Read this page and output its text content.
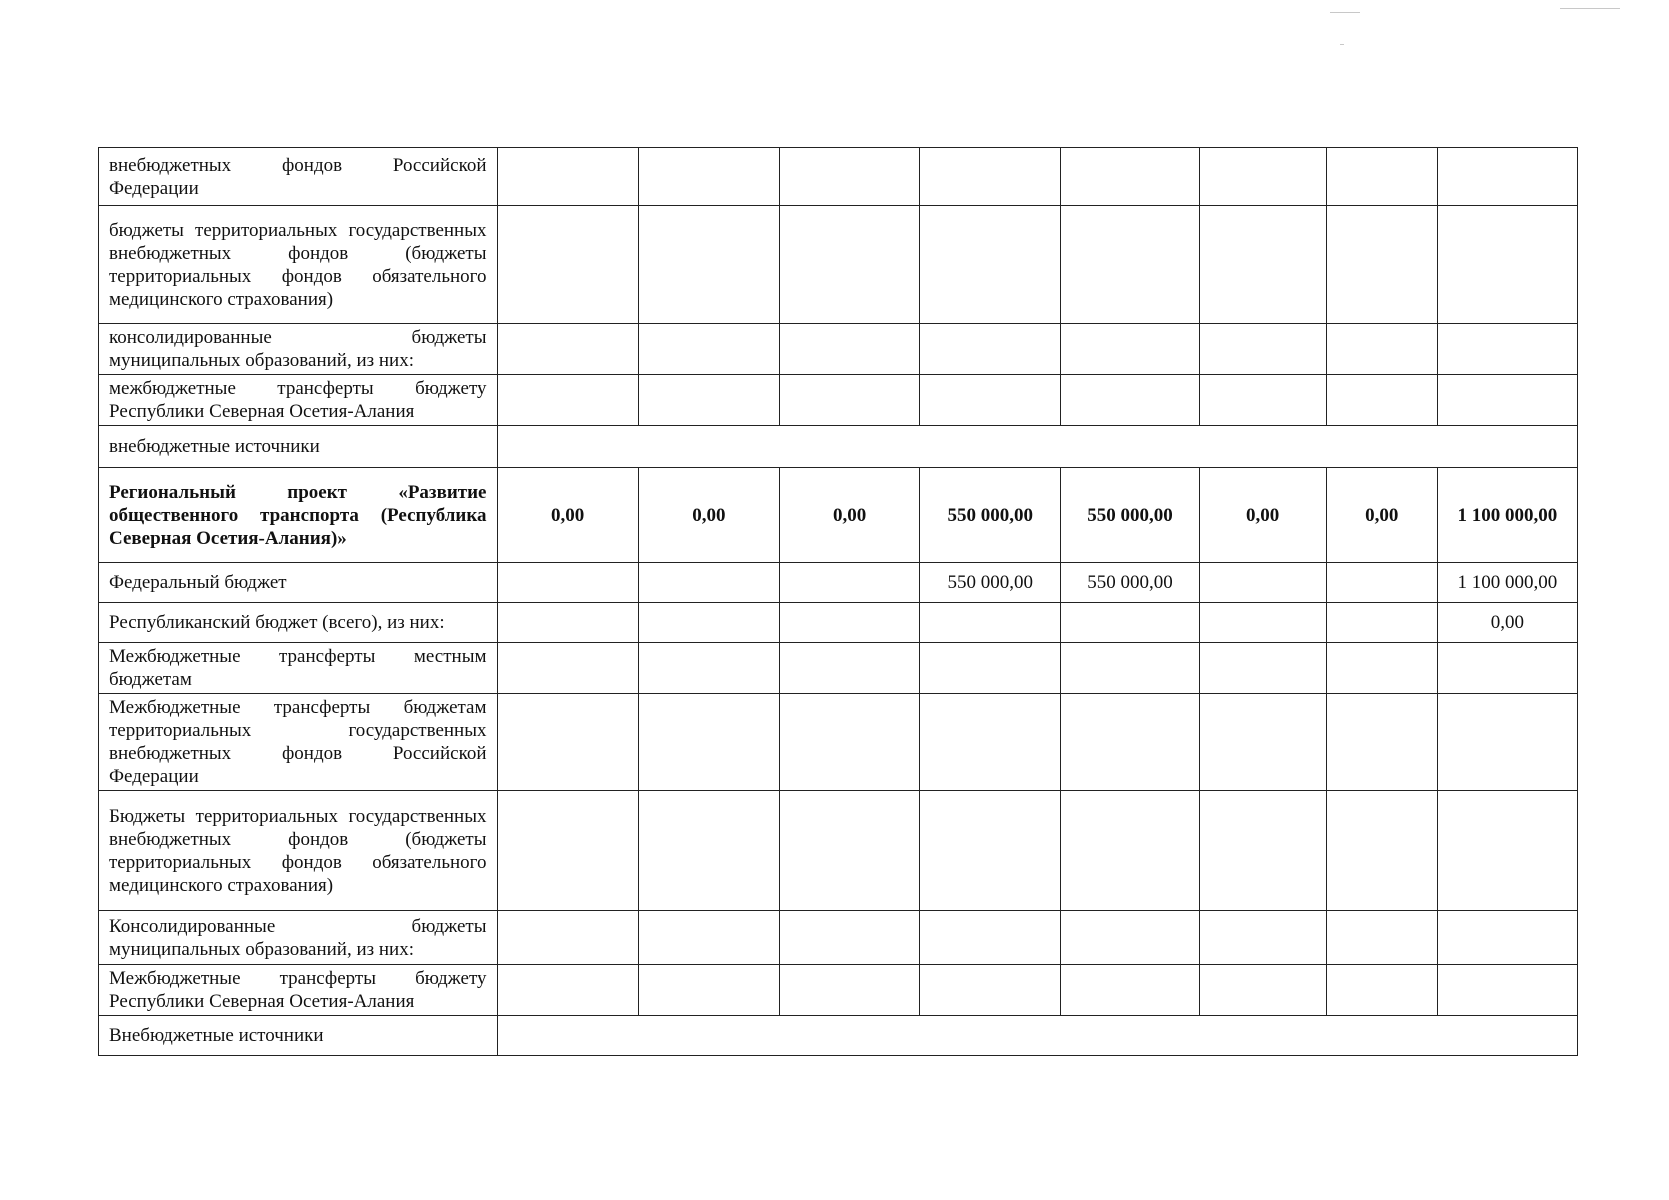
внебюджетных фондов Российской Федерации								
бюджеты территориальных государственных внебюджетных фондов (бюджеты территориальных фондов обязательного медицинского страхования)								
консолидированные бюджеты муниципальных образований, из них:								
межбюджетные трансферты бюджету Республики Северная Осетия-Алания								
внебюджетные источники								
Региональный проект «Развитие общественного транспорта (Республика Северная Осетия-Алания)»	0,00	0,00	0,00	550 000,00	550 000,00	0,00	0,00	1 100 000,00
Федеральный бюджет				550 000,00	550 000,00			1 100 000,00
Республиканский бюджет (всего), из них:								0,00
Межбюджетные трансферты местным бюджетам								
Межбюджетные трансферты бюджетам территориальных государственных внебюджетных фондов Российской Федерации								
Бюджеты территориальных государственных внебюджетных фондов (бюджеты территориальных фондов обязательного медицинского страхования)								
Консолидированные бюджеты муниципальных образований, из них:								
Межбюджетные трансферты бюджету Республики Северная Осетия-Алания								
Внебюджетные источники								
